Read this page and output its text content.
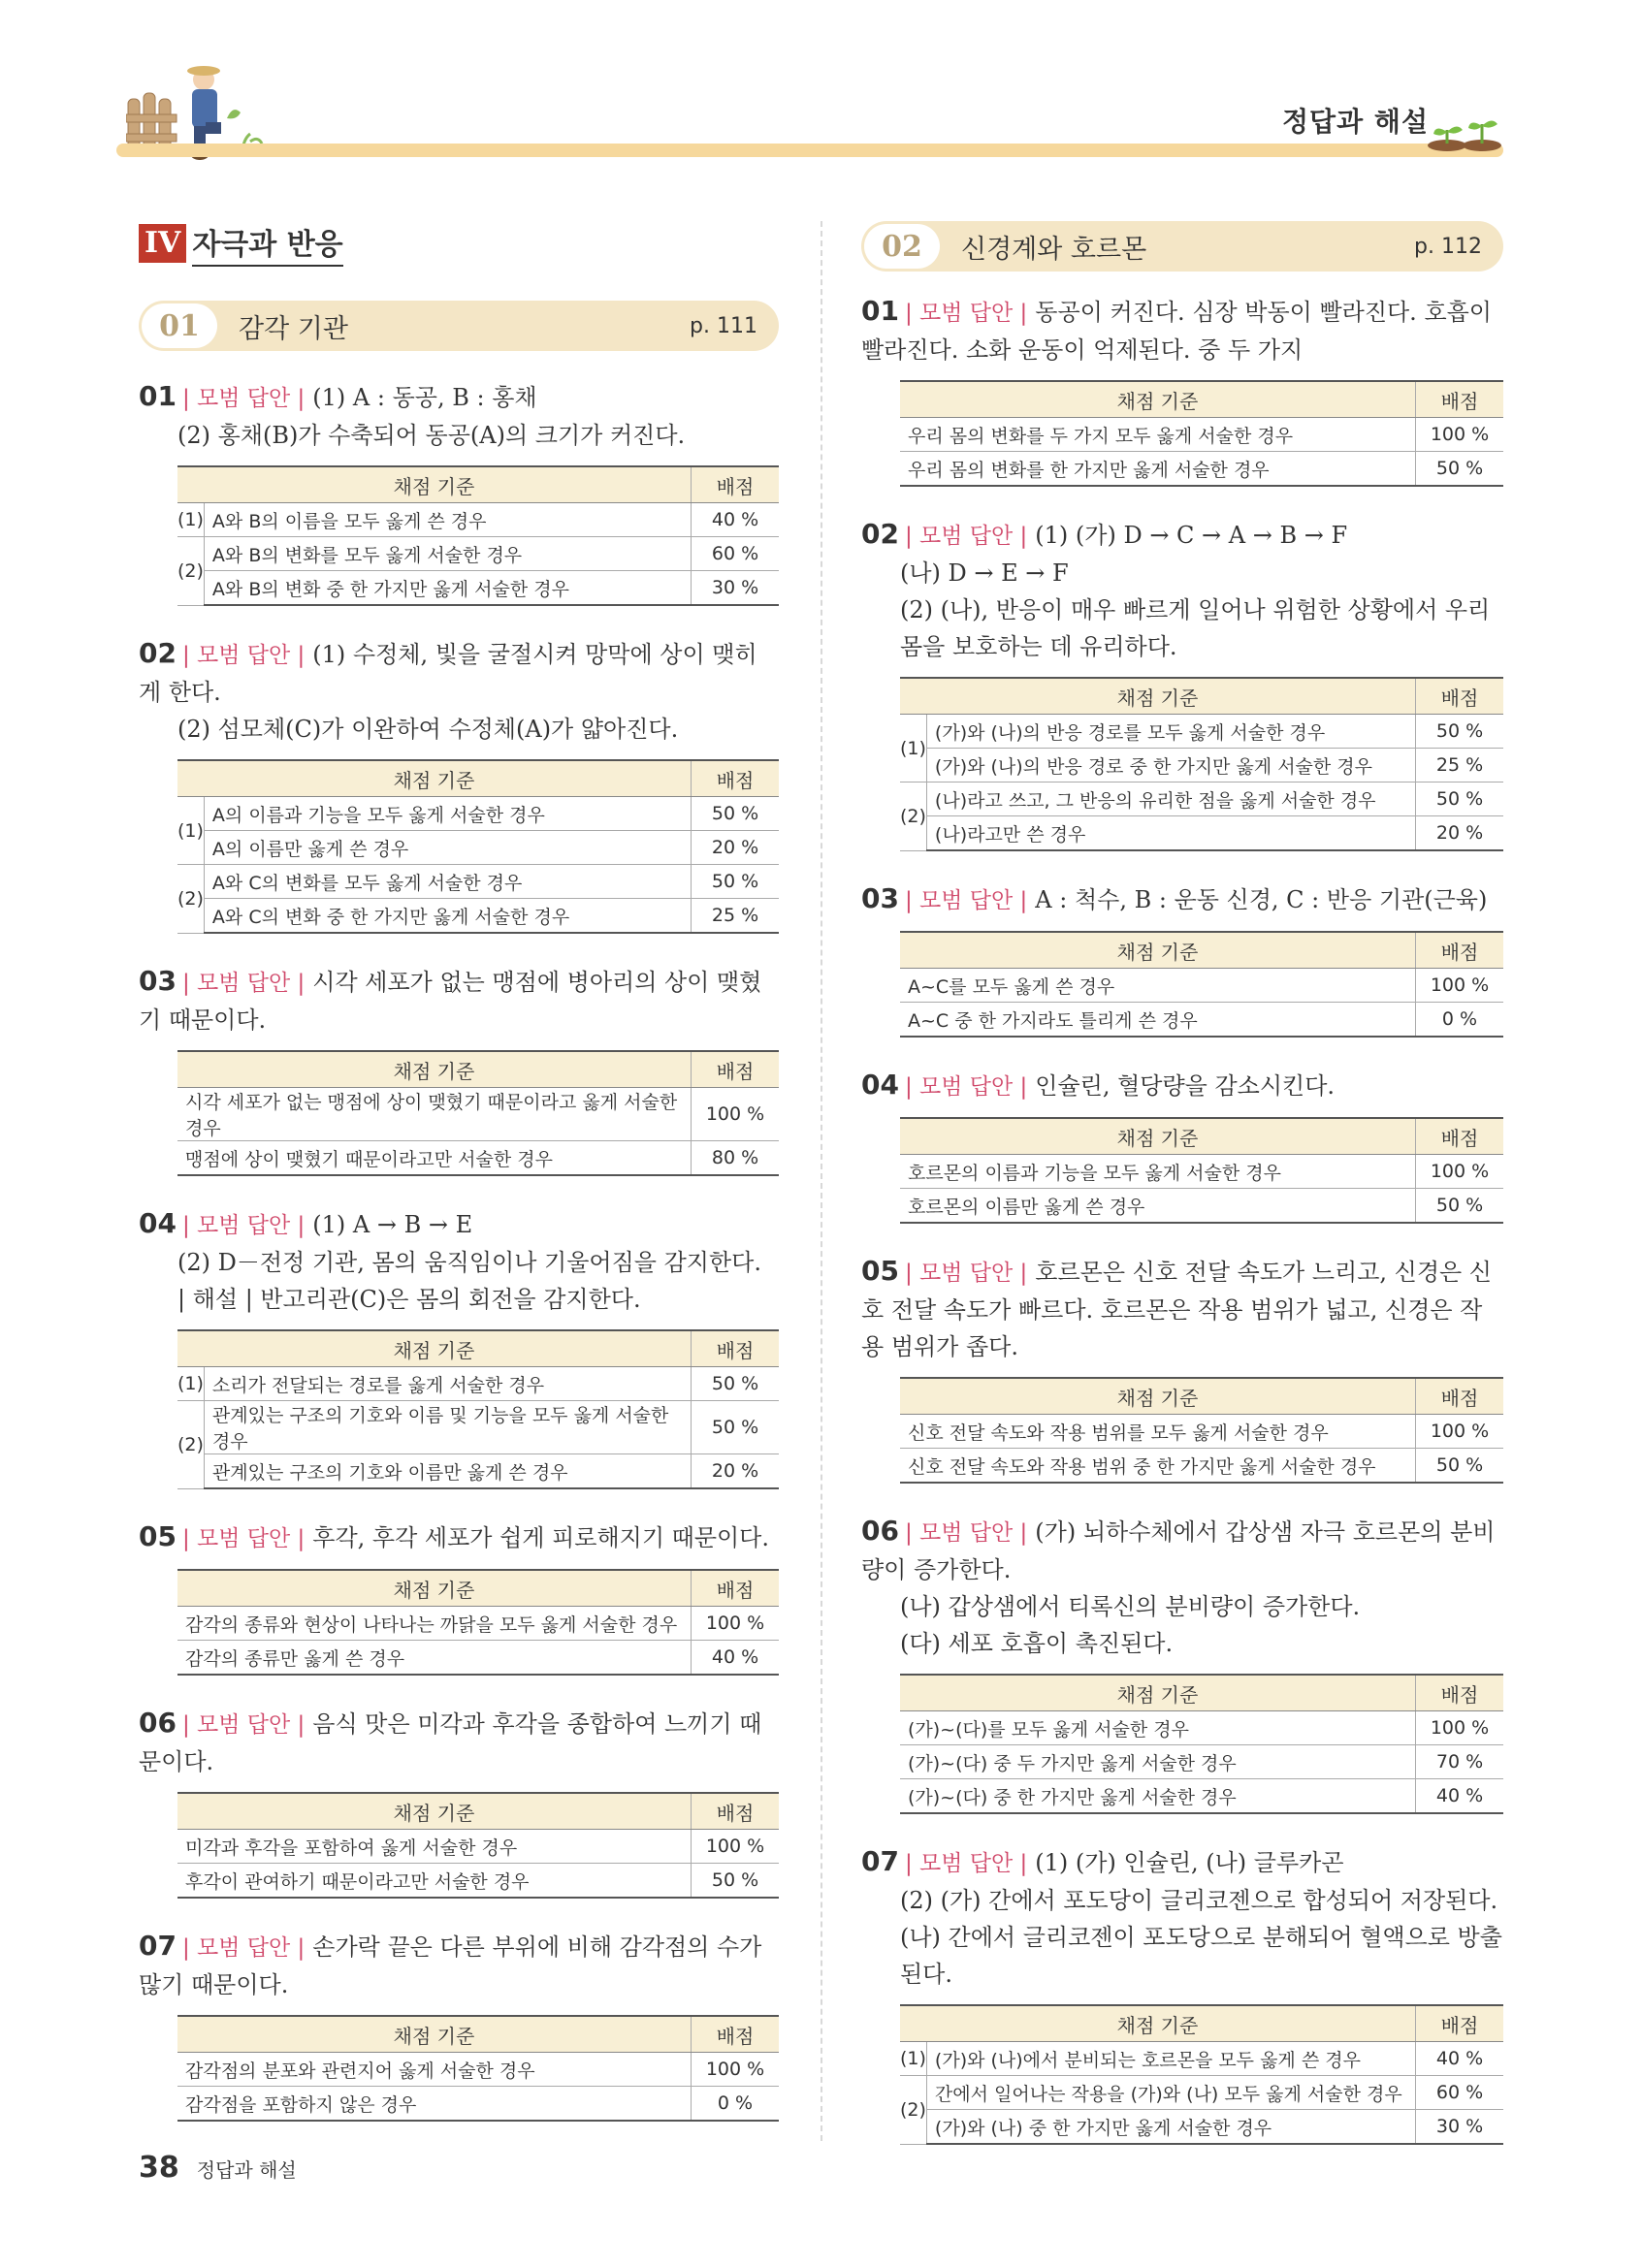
정답과 해설
IV 자극과 반응
01	감각 기관	p. 111
01 | 모범 답안 | (1) A : 동공, B : 홍채
(2) 홍채(B)가 수축되어 동공(A)의 크기가 커진다.
채점 기준		배점
(1)	A와 B의 이름을 모두 옳게 쓴 경우	40 %
(2)	A와 B의 변화를 모두 옳게 서술한 경우	60 %
	A와 B의 변화 중 한 가지만 옳게 서술한 경우	30 %
02 | 모범 답안 | (1) 수정체, 빛을 굴절시켜 망막에 상이 맺히게 한다.
(2) 섬모체(C)가 이완하여 수정체(A)가 얇아진다.
채점 기준		배점
(1)	A의 이름과 기능을 모두 옳게 서술한 경우	50 %
	A의 이름만 옳게 쓴 경우	20 %
(2)	A와 C의 변화를 모두 옳게 서술한 경우	50 %
	A와 C의 변화 중 한 가지만 옳게 서술한 경우	25 %
03 | 모범 답안 | 시각 세포가 없는 맹점에 병아리의 상이 맺혔기 때문이다.
채점 기준	배점
시각 세포가 없는 맹점에 상이 맺혔기 때문이라고 옳게 서술한 경우	100 %
맹점에 상이 맺혔기 때문이라고만 서술한 경우	80 %
04 | 모범 답안 | (1) A → B → E
(2) D－전정 기관, 몸의 움직임이나 기울어짐을 감지한다.
| 해설 | 반고리관(C)은 몸의 회전을 감지한다.
채점 기준		배점
(1)	소리가 전달되는 경로를 옳게 서술한 경우	50 %
(2)	관계있는 구조의 기호와 이름 및 기능을 모두 옳게 서술한 경우	50 %
	관계있는 구조의 기호와 이름만 옳게 쓴 경우	20 %
05 | 모범 답안 | 후각, 후각 세포가 쉽게 피로해지기 때문이다.
채점 기준	배점
감각의 종류와 현상이 나타나는 까닭을 모두 옳게 서술한 경우	100 %
감각의 종류만 옳게 쓴 경우	40 %
06 | 모범 답안 | 음식 맛은 미각과 후각을 종합하여 느끼기 때문이다.
채점 기준	배점
미각과 후각을 포함하여 옳게 서술한 경우	100 %
후각이 관여하기 때문이라고만 서술한 경우	50 %
07 | 모범 답안 | 손가락 끝은 다른 부위에 비해 감각점의 수가 많기 때문이다.
채점 기준	배점
감각점의 분포와 관련지어 옳게 서술한 경우	100 %
감각점을 포함하지 않은 경우	0 %
02	신경계와 호르몬	p. 112
01 | 모범 답안 | 동공이 커진다. 심장 박동이 빨라진다. 호흡이 빨라진다. 소화 운동이 억제된다. 중 두 가지
채점 기준	배점
우리 몸의 변화를 두 가지 모두 옳게 서술한 경우	100 %
우리 몸의 변화를 한 가지만 옳게 서술한 경우	50 %
02 | 모범 답안 | (1) (가) D → C → A → B → F
(나) D → E → F
(2) (나), 반응이 매우 빠르게 일어나 위험한 상황에서 우리 몸을 보호하는 데 유리하다.
채점 기준		배점
(1)	(가)와 (나)의 반응 경로를 모두 옳게 서술한 경우	50 %
	(가)와 (나)의 반응 경로 중 한 가지만 옳게 서술한 경우	25 %
(2)	(나)라고 쓰고, 그 반응의 유리한 점을 옳게 서술한 경우	50 %
	(나)라고만 쓴 경우	20 %
03 | 모범 답안 | A : 척수, B : 운동 신경, C : 반응 기관(근육)
채점 기준	배점
A~C를 모두 옳게 쓴 경우	100 %
A~C 중 한 가지라도 틀리게 쓴 경우	0 %
04 | 모범 답안 | 인슐린, 혈당량을 감소시킨다.
채점 기준	배점
호르몬의 이름과 기능을 모두 옳게 서술한 경우	100 %
호르몬의 이름만 옳게 쓴 경우	50 %
05 | 모범 답안 | 호르몬은 신호 전달 속도가 느리고, 신경은 신호 전달 속도가 빠르다. 호르몬은 작용 범위가 넓고, 신경은 작용 범위가 좁다.
채점 기준	배점
신호 전달 속도와 작용 범위를 모두 옳게 서술한 경우	100 %
신호 전달 속도와 작용 범위 중 한 가지만 옳게 서술한 경우	50 %
06 | 모범 답안 | (가) 뇌하수체에서 갑상샘 자극 호르몬의 분비량이 증가한다.
(나) 갑상샘에서 티록신의 분비량이 증가한다.
(다) 세포 호흡이 촉진된다.
채점 기준	배점
(가)~(다)를 모두 옳게 서술한 경우	100 %
(가)~(다) 중 두 가지만 옳게 서술한 경우	70 %
(가)~(다) 중 한 가지만 옳게 서술한 경우	40 %
07 | 모범 답안 | (1) (가) 인슐린, (나) 글루카곤
(2) (가) 간에서 포도당이 글리코젠으로 합성되어 저장된다. (나) 간에서 글리코젠이 포도당으로 분해되어 혈액으로 방출된다.
채점 기준		배점
(1)	(가)와 (나)에서 분비되는 호르몬을 모두 옳게 쓴 경우	40 %
(2)	간에서 일어나는 작용을 (가)와 (나) 모두 옳게 서술한 경우	60 %
	(가)와 (나) 중 한 가지만 옳게 서술한 경우	30 %
38 정답과 해설
